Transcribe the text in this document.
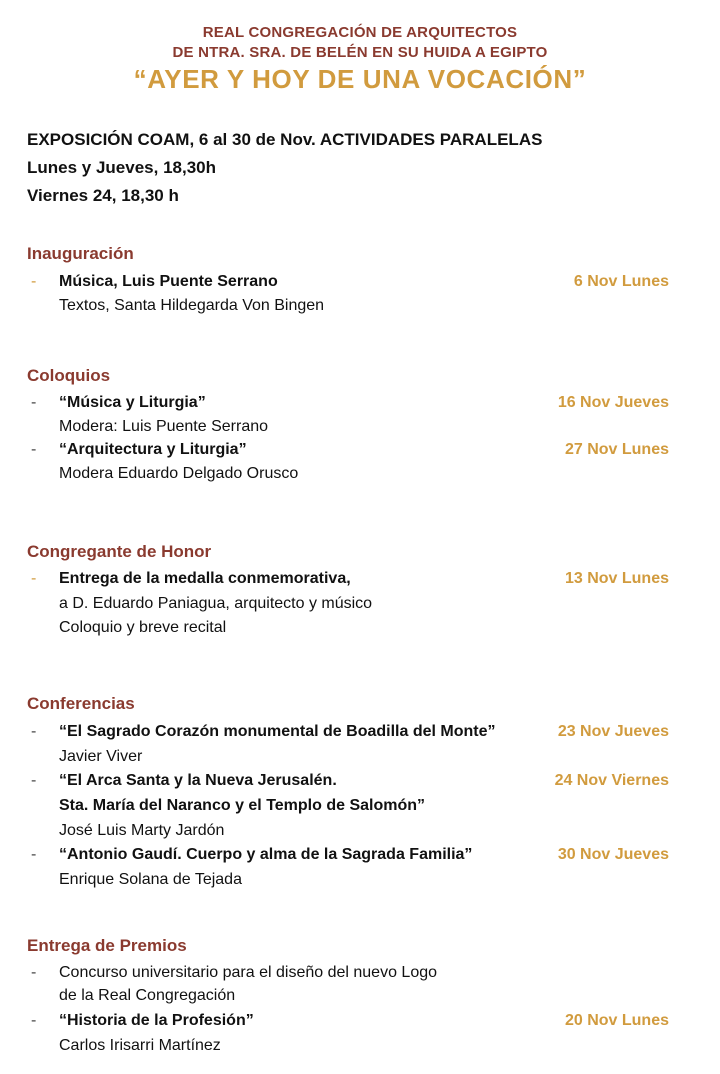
REAL CONGREGACIÓN DE ARQUITECTOS
DE NTRA. SRA. DE BELÉN EN SU HUIDA A EGIPTO
“AYER Y HOY DE UNA VOCACIÓN”
EXPOSICIÓN COAM, 6 al 30 de Nov. ACTIVIDADES PARALELAS
Lunes y Jueves, 18,30h
Viernes 24, 18,30 h
Inauguración
- Música, Luis Puente Serrano	6 Nov Lunes
Textos, Santa Hildegarda Von Bingen
Coloquios
- “Música y Liturgia”	16 Nov Jueves
Modera: Luis Puente Serrano
- “Arquitectura y Liturgia”	27 Nov Lunes
Modera Eduardo Delgado Orusco
Congregante de Honor
- Entrega de la medalla conmemorativa,	13 Nov Lunes
a D. Eduardo Paniagua, arquitecto y músico
Coloquio y breve recital
Conferencias
- “El Sagrado Corazón monumental de Boadilla del Monte”	23 Nov Jueves
Javier Viver
- “El Arca Santa y la Nueva Jerusalén.	24 Nov Viernes
Sta. María del Naranco y el Templo de Salomón”
José Luis Marty Jardón
- “Antonio Gaudí. Cuerpo y alma de la Sagrada Familia”	30 Nov Jueves
Enrique Solana de Tejada
Entrega de Premios
- Concurso universitario para el diseño del nuevo Logo
de la Real Congregación
- “Historia de la Profesión”	20 Nov Lunes
Carlos Irisarri Martínez
